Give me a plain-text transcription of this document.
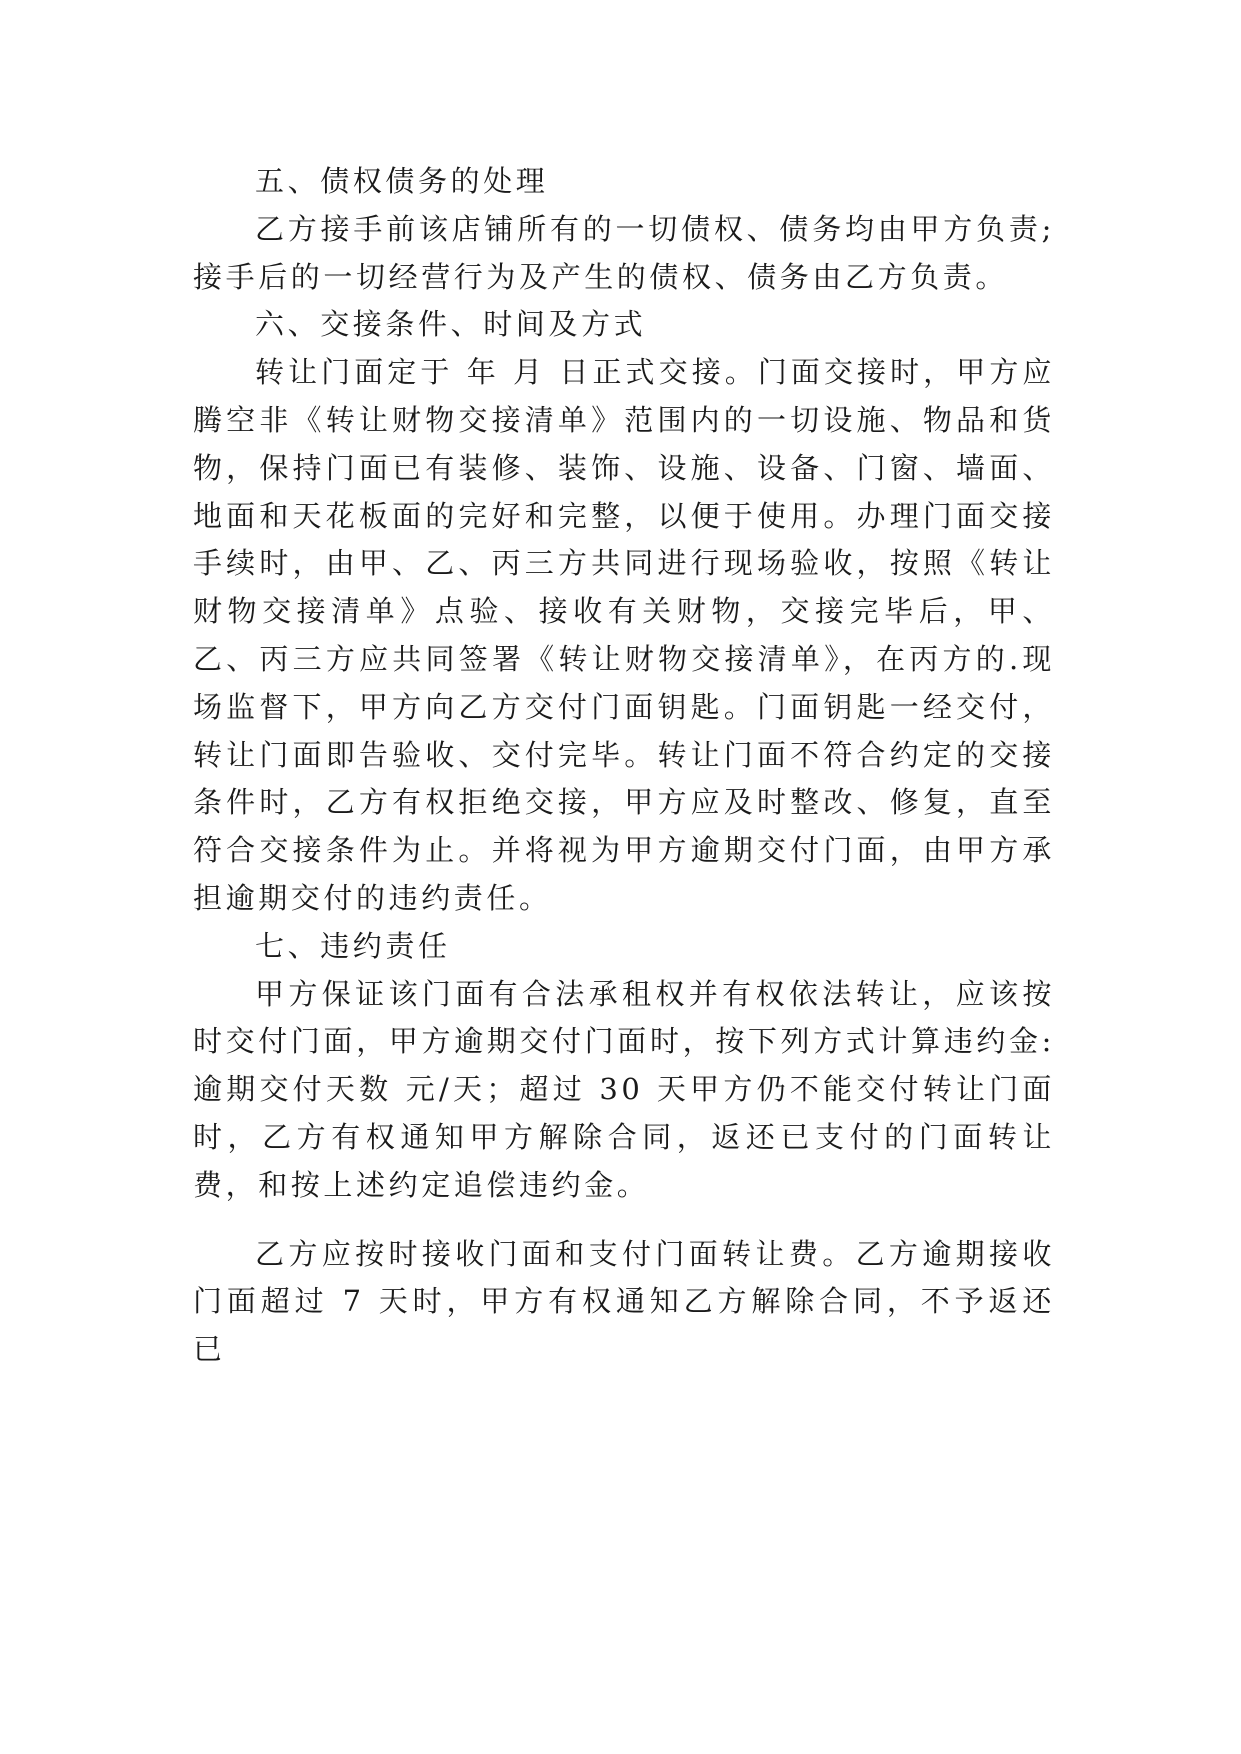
五、债权债务的处理

乙方接手前该店铺所有的一切债权、债务均由甲方负责;接手后的一切经营行为及产生的债权、债务由乙方负责。

六、交接条件、时间及方式

转让门面定于 年 月 日正式交接。门面交接时，甲方应腾空非《转让财物交接清单》范围内的一切设施、物品和货物，保持门面已有装修、装饰、设施、设备、门窗、墙面、地面和天花板面的完好和完整，以便于使用。办理门面交接手续时，由甲、乙、丙三方共同进行现场验收，按照《转让财物交接清单》点验、接收有关财物，交接完毕后，甲、乙、丙三方应共同签署《转让财物交接清单》，在丙方的.现场监督下，甲方向乙方交付门面钥匙。门面钥匙一经交付，转让门面即告验收、交付完毕。转让门面不符合约定的交接条件时，乙方有权拒绝交接，甲方应及时整改、修复，直至符合交接条件为止。并将视为甲方逾期交付门面，由甲方承担逾期交付的违约责任。

七、违约责任

甲方保证该门面有合法承租权并有权依法转让，应该按时交付门面，甲方逾期交付门面时，按下列方式计算违约金:逾期交付天数 元/天；超过 30 天甲方仍不能交付转让门面时，乙方有权通知甲方解除合同，返还已支付的门面转让费，和按上述约定追偿违约金。

乙方应按时接收门面和支付门面转让费。乙方逾期接收门面超过 7 天时，甲方有权通知乙方解除合同，不予返还已
